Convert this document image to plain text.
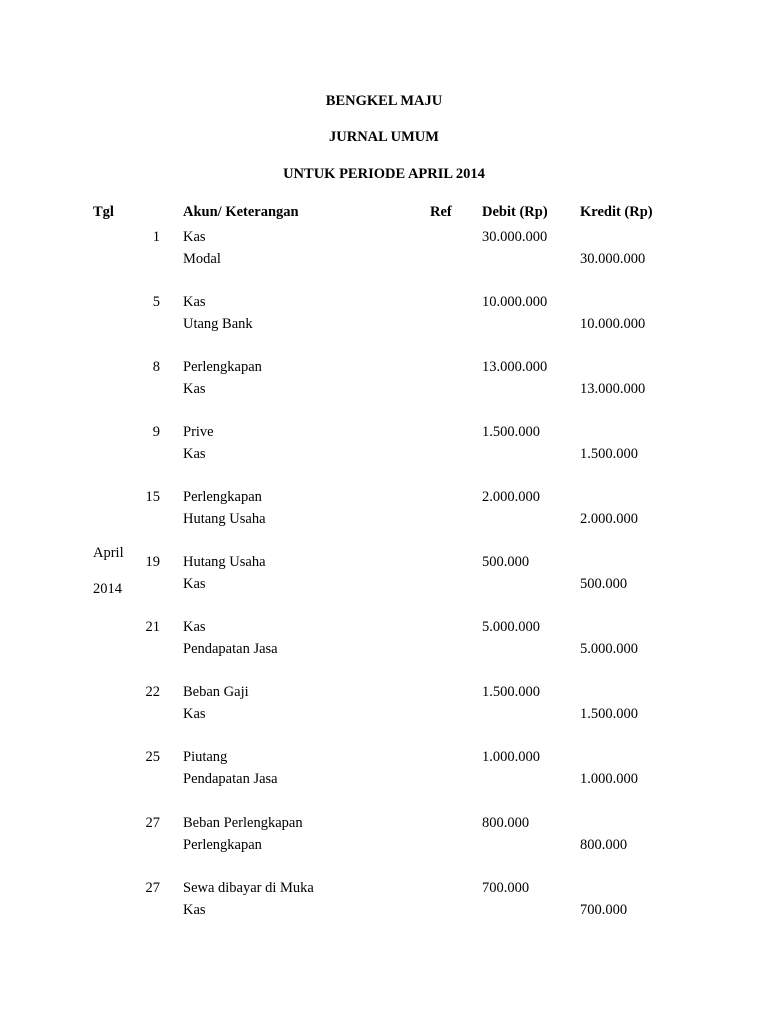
BENGKEL MAJU
JURNAL UMUM
UNTUK PERIODE APRIL 2014
Tgl	Akun/ Keterangan	Ref Debit (Rp) Kredit (Rp)
April
2014
1 Kas
Modal
30.000.000
30.000.000
5 Kas
Utang Bank
10.000.000
10.000.000
8 Perlengkapan
Kas
13.000.000
13.000.000
9 Prive
Kas
1.500.000
1.500.000
15 Perlengkapan
Hutang Usaha
2.000.000
2.000.000
19 Hutang Usaha
Kas
500.000
500.000
21 Kas
Pendapatan Jasa
5.000.000
5.000.000
22 Beban Gaji
Kas
1.500.000
1.500.000
25 Piutang
Pendapatan Jasa
1.000.000
1.000.000
27 Beban Perlengkapan
Perlengkapan
800.000
800.000
27 Sewa dibayar di Muka
Kas
700.000
700.000
